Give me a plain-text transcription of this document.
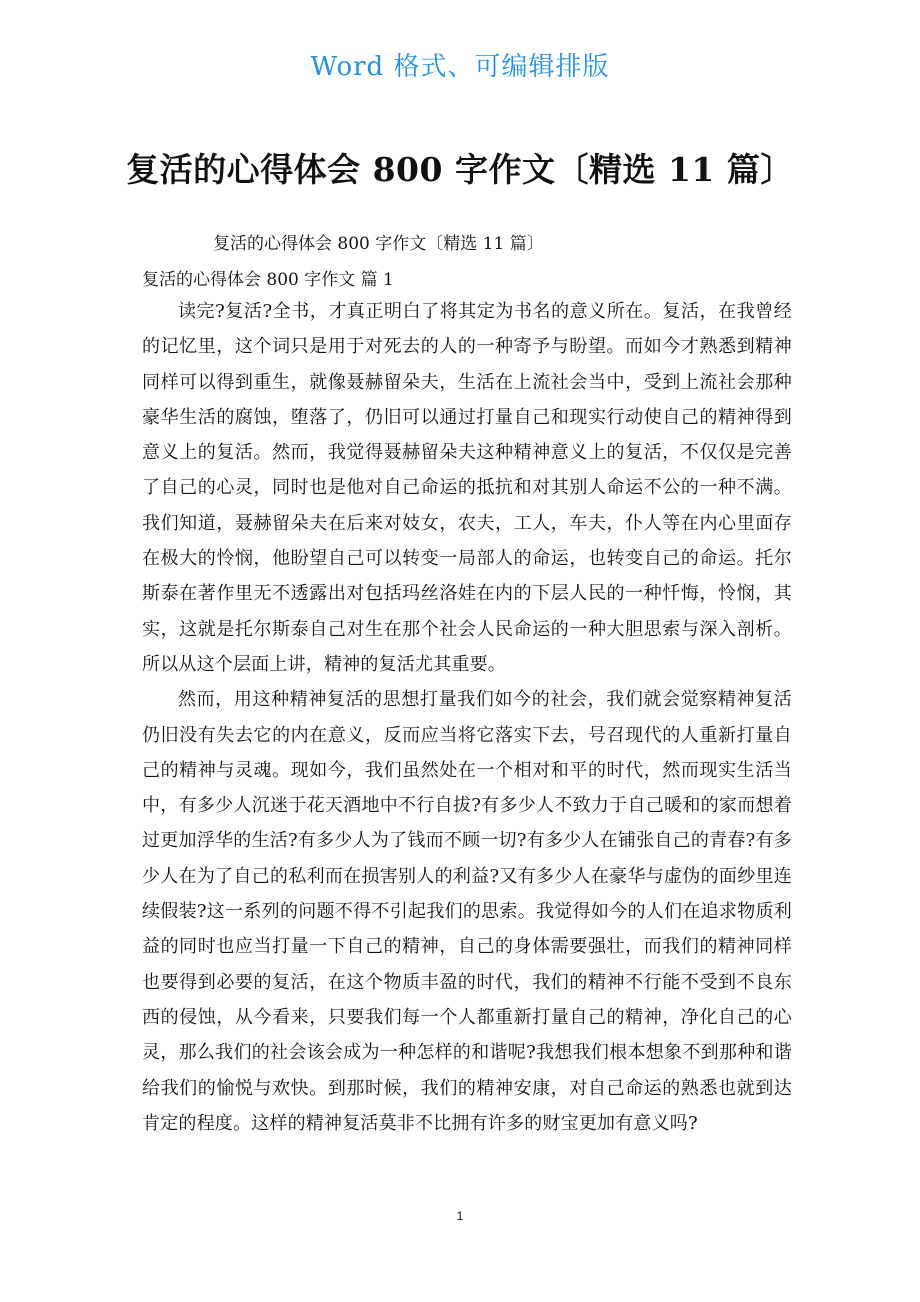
Word 格式、可编辑排版
复活的心得体会 800 字作文〔精选 11 篇〕
复活的心得体会 800 字作文〔精选 11 篇〕
复活的心得体会 800 字作文 篇 1

读完?复活?全书，才真正明白了将其定为书名的意义所在。复活，在我曾经的记忆里，这个词只是用于对死去的人的一种寄予与盼望。而如今才熟悉到精神同样可以得到重生，就像聂赫留朵夫，生活在上流社会当中，受到上流社会那种豪华生活的腐蚀，堕落了，仍旧可以通过打量自己和现实行动使自己的精神得到意义上的复活。然而，我觉得聂赫留朵夫这种精神意义上的复活，不仅仅是完善了自己的心灵，同时也是他对自己命运的抵抗和对其别人命运不公的一种不满。我们知道，聂赫留朵夫在后来对妓女，农夫，工人，车夫，仆人等在内心里面存在极大的怜悯，他盼望自己可以转变一局部人的命运，也转变自己的命运。托尔斯泰在著作里无不透露出对包括玛丝洛娃在内的下层人民的一种忏悔，怜悯，其实，这就是托尔斯泰自己对生在那个社会人民命运的一种大胆思索与深入剖析。所以从这个层面上讲，精神的复活尤其重要。

然而，用这种精神复活的思想打量我们如今的社会，我们就会觉察精神复活仍旧没有失去它的内在意义，反而应当将它落实下去，号召现代的人重新打量自己的精神与灵魂。现如今，我们虽然处在一个相对和平的时代，然而现实生活当中，有多少人沉迷于花天酒地中不行自拔?有多少人不致力于自己暖和的家而想着过更加浮华的生活?有多少人为了钱而不顾一切?有多少人在铺张自己的青春?有多少人在为了自己的私利而在损害别人的利益?又有多少人在豪华与虚伪的面纱里连续假装?这一系列的问题不得不引起我们的思索。我觉得如今的人们在追求物质利益的同时也应当打量一下自己的精神，自己的身体需要强壮，而我们的精神同样也要得到必要的复活，在这个物质丰盈的时代，我们的精神不行能不受到不良东西的侵蚀，从今看来，只要我们每一个人都重新打量自己的精神，净化自己的心灵，那么我们的社会该会成为一种怎样的和谐呢?我想我们根本想象不到那种和谐给我们的愉悦与欢快。到那时候，我们的精神安康，对自己命运的熟悉也就到达肯定的程度。这样的精神复活莫非不比拥有许多的财宝更加有意义吗?

1
